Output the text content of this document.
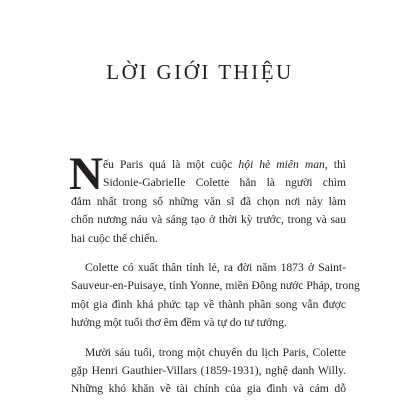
LỜI GIỚI THIỆU
N ếu Paris quả là một cuộc hội hè miên man, thì
Sidonie-Gabrielle Colette hẳn là người chìm
đắm nhất trong số những văn sĩ đã chọn nơi này làm
chốn nương náu và sáng tạo ở thời kỳ trước, trong và sau
hai cuộc thế chiến.
Colette có xuất thân tỉnh lẻ, ra đời năm 1873 ở Saint-
Sauveur-en-Puisaye, tỉnh Yonne, miền Đông nước Pháp, trong
một gia đình khá phức tạp về thành phần song vẫn được
hưởng một tuổi thơ êm đềm và tự do tư tưởng.
Mười sáu tuổi, trong một chuyến du lịch Paris, Colette
gặp Henri Gauthier-Villars (1859-1931), nghệ danh Willy.
Những khó khăn về tài chính của gia đình và cám dỗ
